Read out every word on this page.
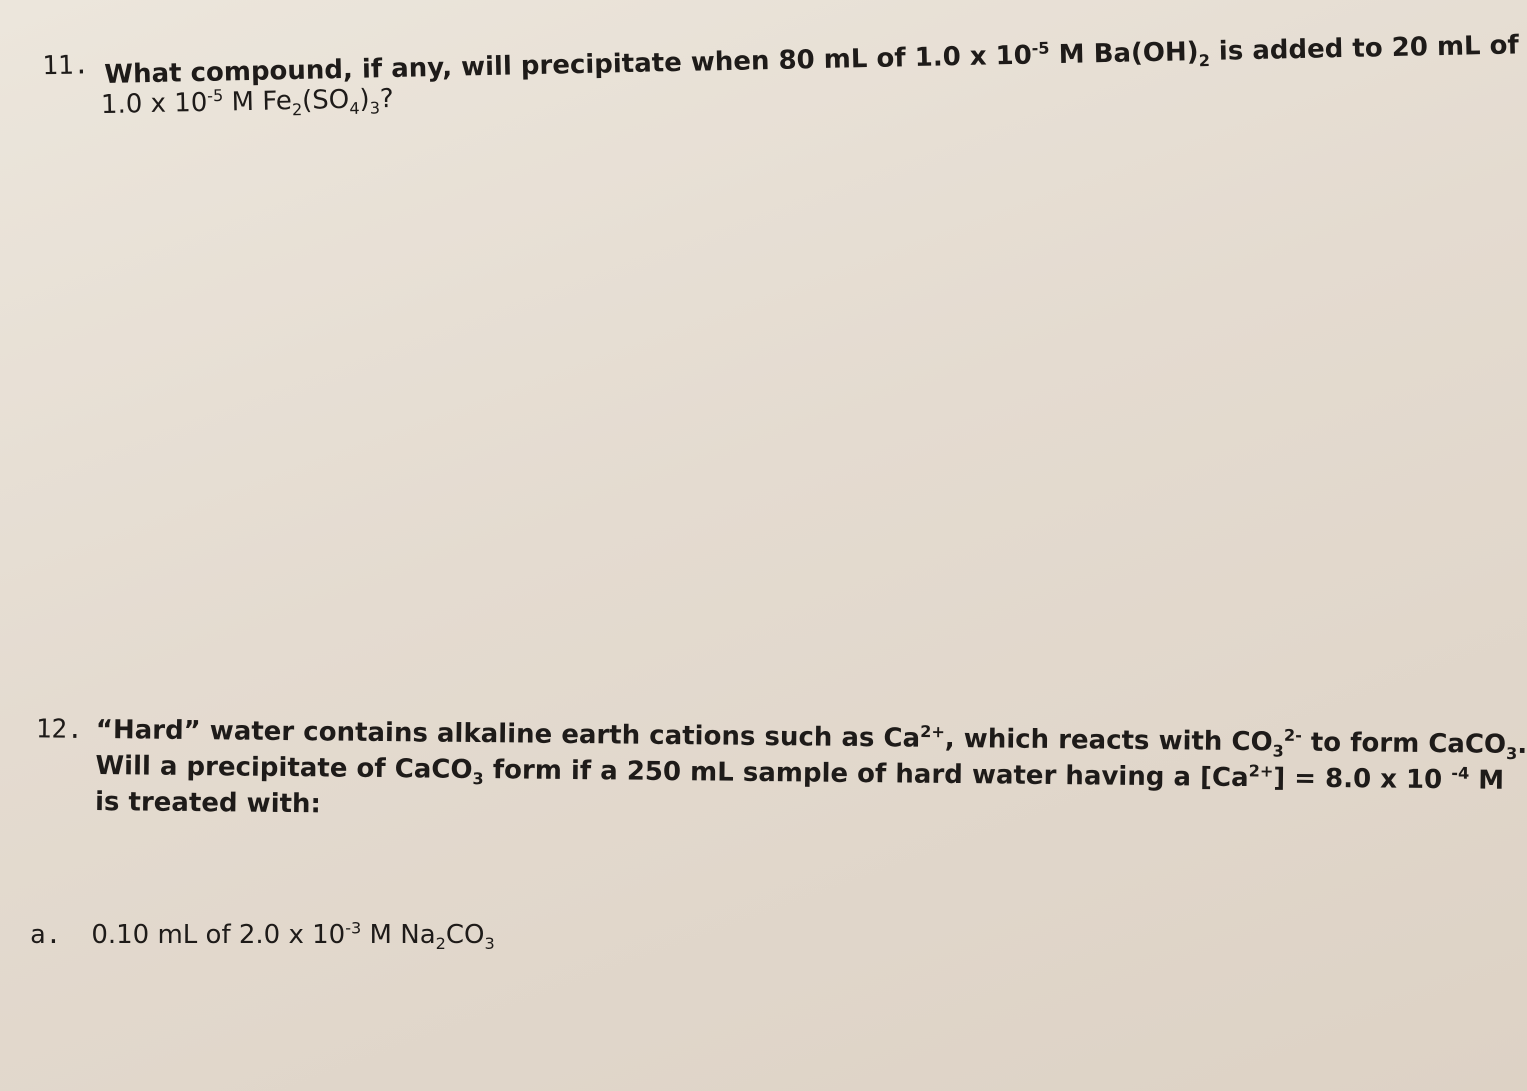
11. What compound, if any, will precipitate when 80 mL of 1.0 x $10^{-5}$ M $Ba(OH)_2$ is added to 20 mL of
1.0 x $10^{-5}$ M $Fe_2(SO_4)_3$?
12. “Hard” water contains alkaline earth cations such as $Ca^{2+}$, which reacts with $CO_3^{2-}$ to form CaCO$_3$.
Will a precipitate of CaCO$_3$ form if a 250 mL sample of hard water having a $[Ca^{2+}] = 8.0$ x 10 $^{-4}$ M
is treated with:
a. 0.10 mL of 2.0 x $10^{-3}$ M $Na_2CO_3$
